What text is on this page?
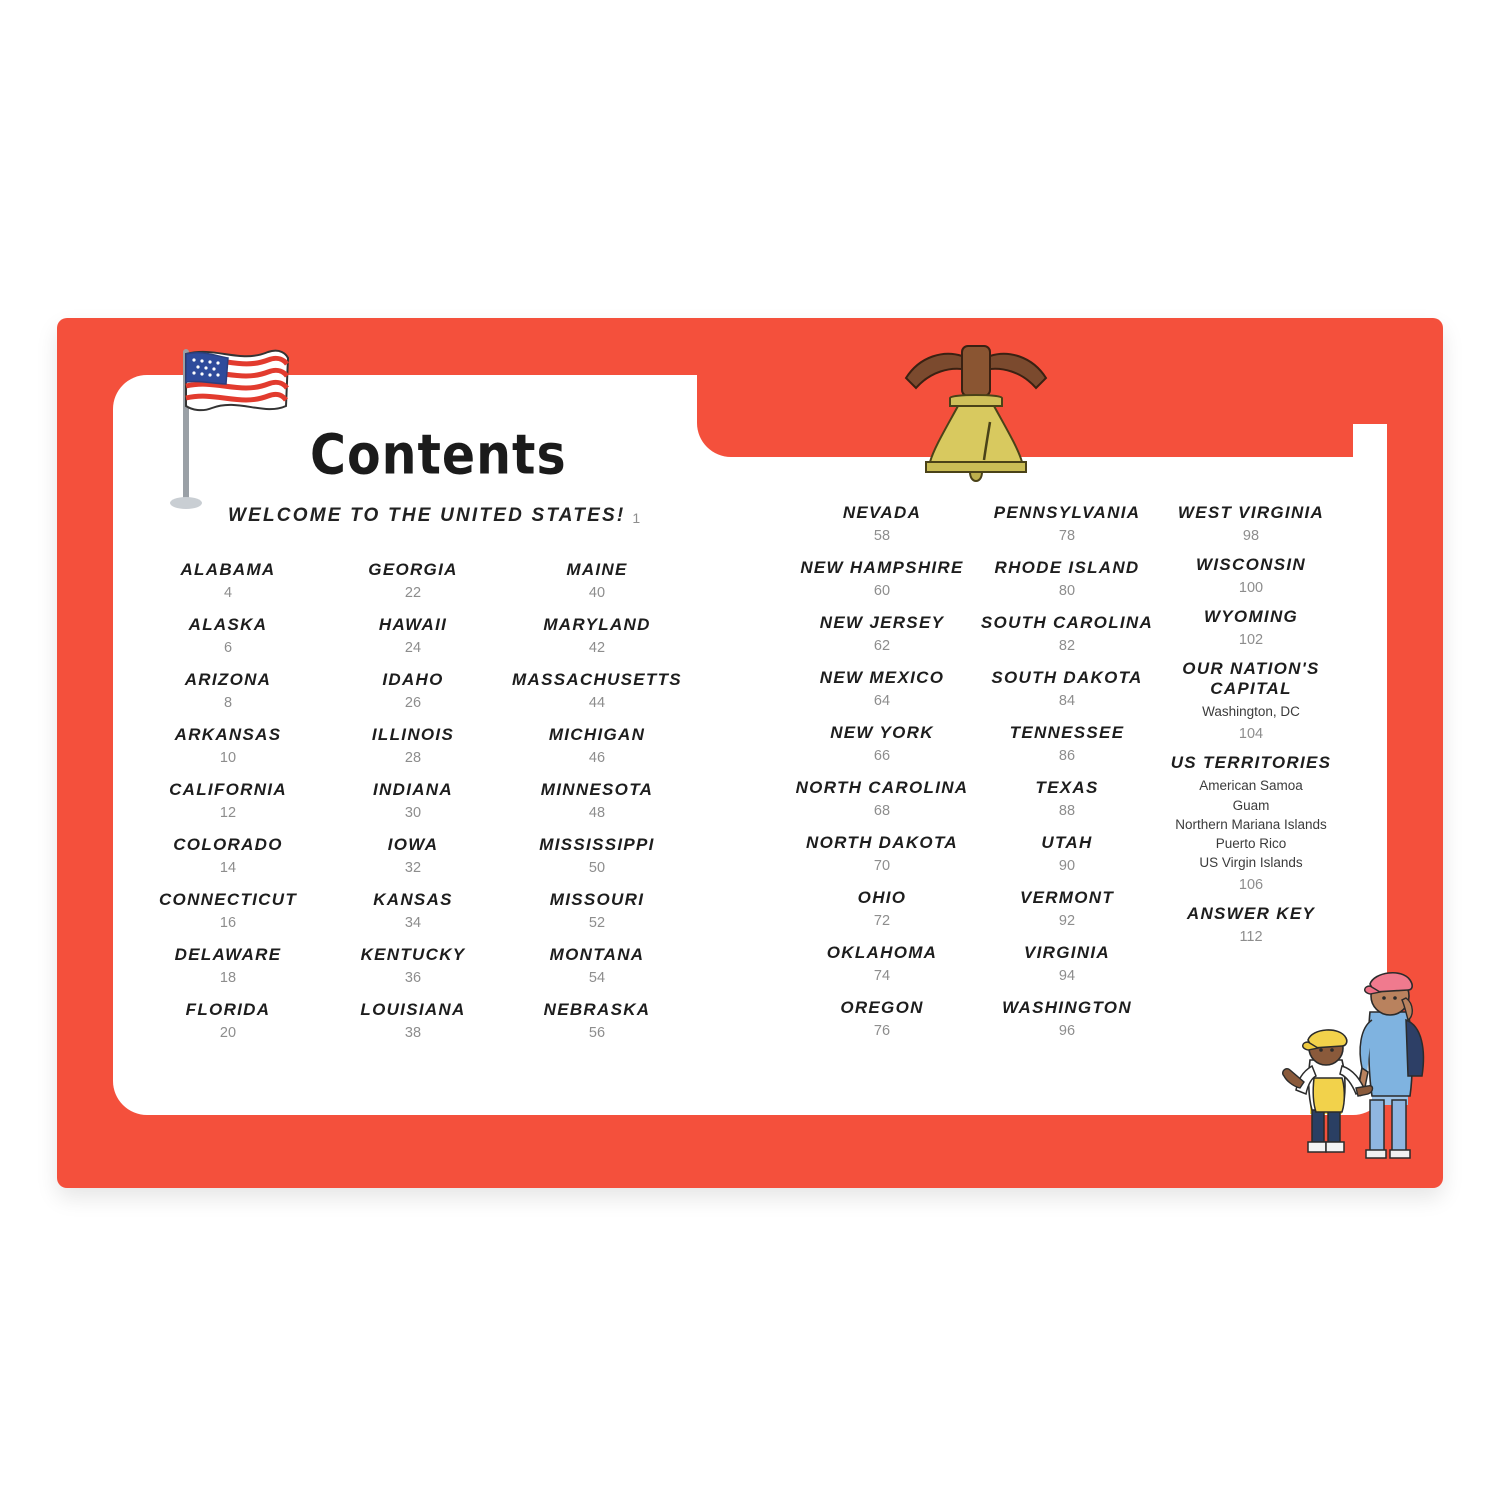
Contents
WELCOME TO THE UNITED STATES! 1
ALABAMA
4
ALASKA
6
ARIZONA
8
ARKANSAS
10
CALIFORNIA
12
COLORADO
14
CONNECTICUT
16
DELAWARE
18
FLORIDA
20
GEORGIA
22
HAWAII
24
IDAHO
26
ILLINOIS
28
INDIANA
30
IOWA
32
KANSAS
34
KENTUCKY
36
LOUISIANA
38
MAINE
40
MARYLAND
42
MASSACHUSETTS
44
MICHIGAN
46
MINNESOTA
48
MISSISSIPPI
50
MISSOURI
52
MONTANA
54
NEBRASKA
56
NEVADA
58
NEW HAMPSHIRE
60
NEW JERSEY
62
NEW MEXICO
64
NEW YORK
66
NORTH CAROLINA
68
NORTH DAKOTA
70
OHIO
72
OKLAHOMA
74
OREGON
76
PENNSYLVANIA
78
RHODE ISLAND
80
SOUTH CAROLINA
82
SOUTH DAKOTA
84
TENNESSEE
86
TEXAS
88
UTAH
90
VERMONT
92
VIRGINIA
94
WASHINGTON
96
WEST VIRGINIA
98
WISCONSIN
100
WYOMING
102
OUR NATION'S CAPITAL
Washington, DC
104
US TERRITORIES
American Samoa
Guam
Northern Mariana Islands
Puerto Rico
US Virgin Islands
106
ANSWER KEY
112
